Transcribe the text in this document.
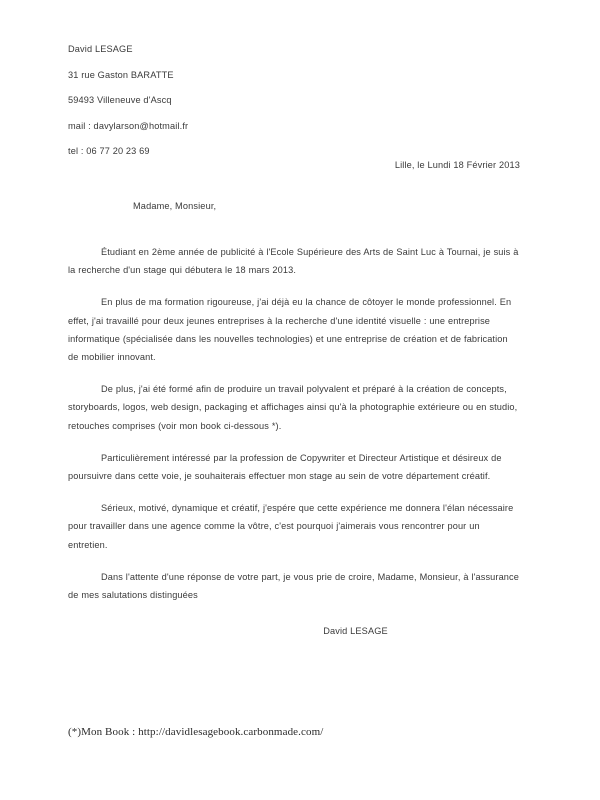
David LESAGE
31 rue Gaston BARATTE
59493 Villeneuve d'Ascq
mail : davylarson@hotmail.fr
tel : 06 77 20 23 69
Lille, le Lundi 18 Février 2013
Madame, Monsieur,

Étudiant en 2ème année de publicité à l'Ecole Supérieure des Arts de Saint Luc à Tournai, je suis à la recherche d'un stage qui débutera le 18 mars 2013.

En plus de ma formation rigoureuse, j'ai déjà eu la chance de côtoyer le monde professionnel. En effet, j'ai travaillé pour deux jeunes entreprises à la recherche d'une identité visuelle : une entreprise informatique (spécialisée dans les nouvelles technologies) et une entreprise de création et de fabrication de mobilier innovant.

De plus, j'ai été formé afin de produire un travail polyvalent et préparé à la création de concepts, storyboards, logos, web design, packaging et affichages ainsi qu'à la photographie extérieure ou en studio, retouches comprises (voir mon book ci-dessous *).

Particulièrement intéressé par la profession de Copywriter et Directeur Artistique et désireux de poursuivre dans cette voie, je souhaiterais effectuer mon stage au sein de votre département créatif.

Sérieux, motivé, dynamique et créatif, j'espére que cette expérience me donnera l'élan nécessaire pour travailler dans une agence comme la vôtre, c'est pourquoi j'aimerais vous rencontrer pour un entretien.

Dans l'attente d'une réponse de votre part, je vous prie de croire, Madame, Monsieur, à l'assurance de mes salutations distinguées

David LESAGE
(*)Mon Book : http://davidlesagebook.carbonmade.com/
